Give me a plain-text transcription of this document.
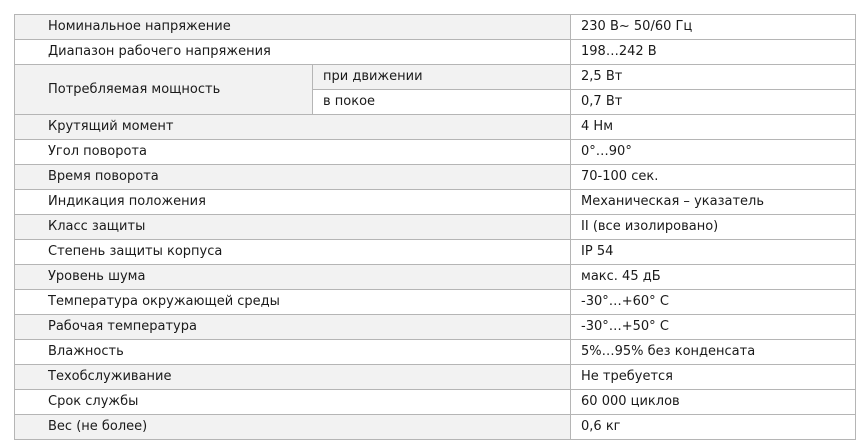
Номинальное напряжение		230 В~ 50/60 Гц
Диапазон рабочего напряжения		198…242 В
Потребляемая мощность	при движении	2,5 Вт
	в покое	0,7 Вт
Крутящий момент		4 Нм
Угол поворота		0°…90°
Время поворота		70-100 сек.
Индикация положения		Механическая – указатель
Класс защиты		II (все изолировано)
Степень защиты корпуса		IP 54
Уровень шума		макс. 45 дБ
Температура окружающей среды		-30°…+60° С
Рабочая температура		-30°…+50° С
Влажность		5%…95% без конденсата
Техобслуживание		Не требуется
Срок службы		60 000 циклов
Вес (не более)		0,6 кг
